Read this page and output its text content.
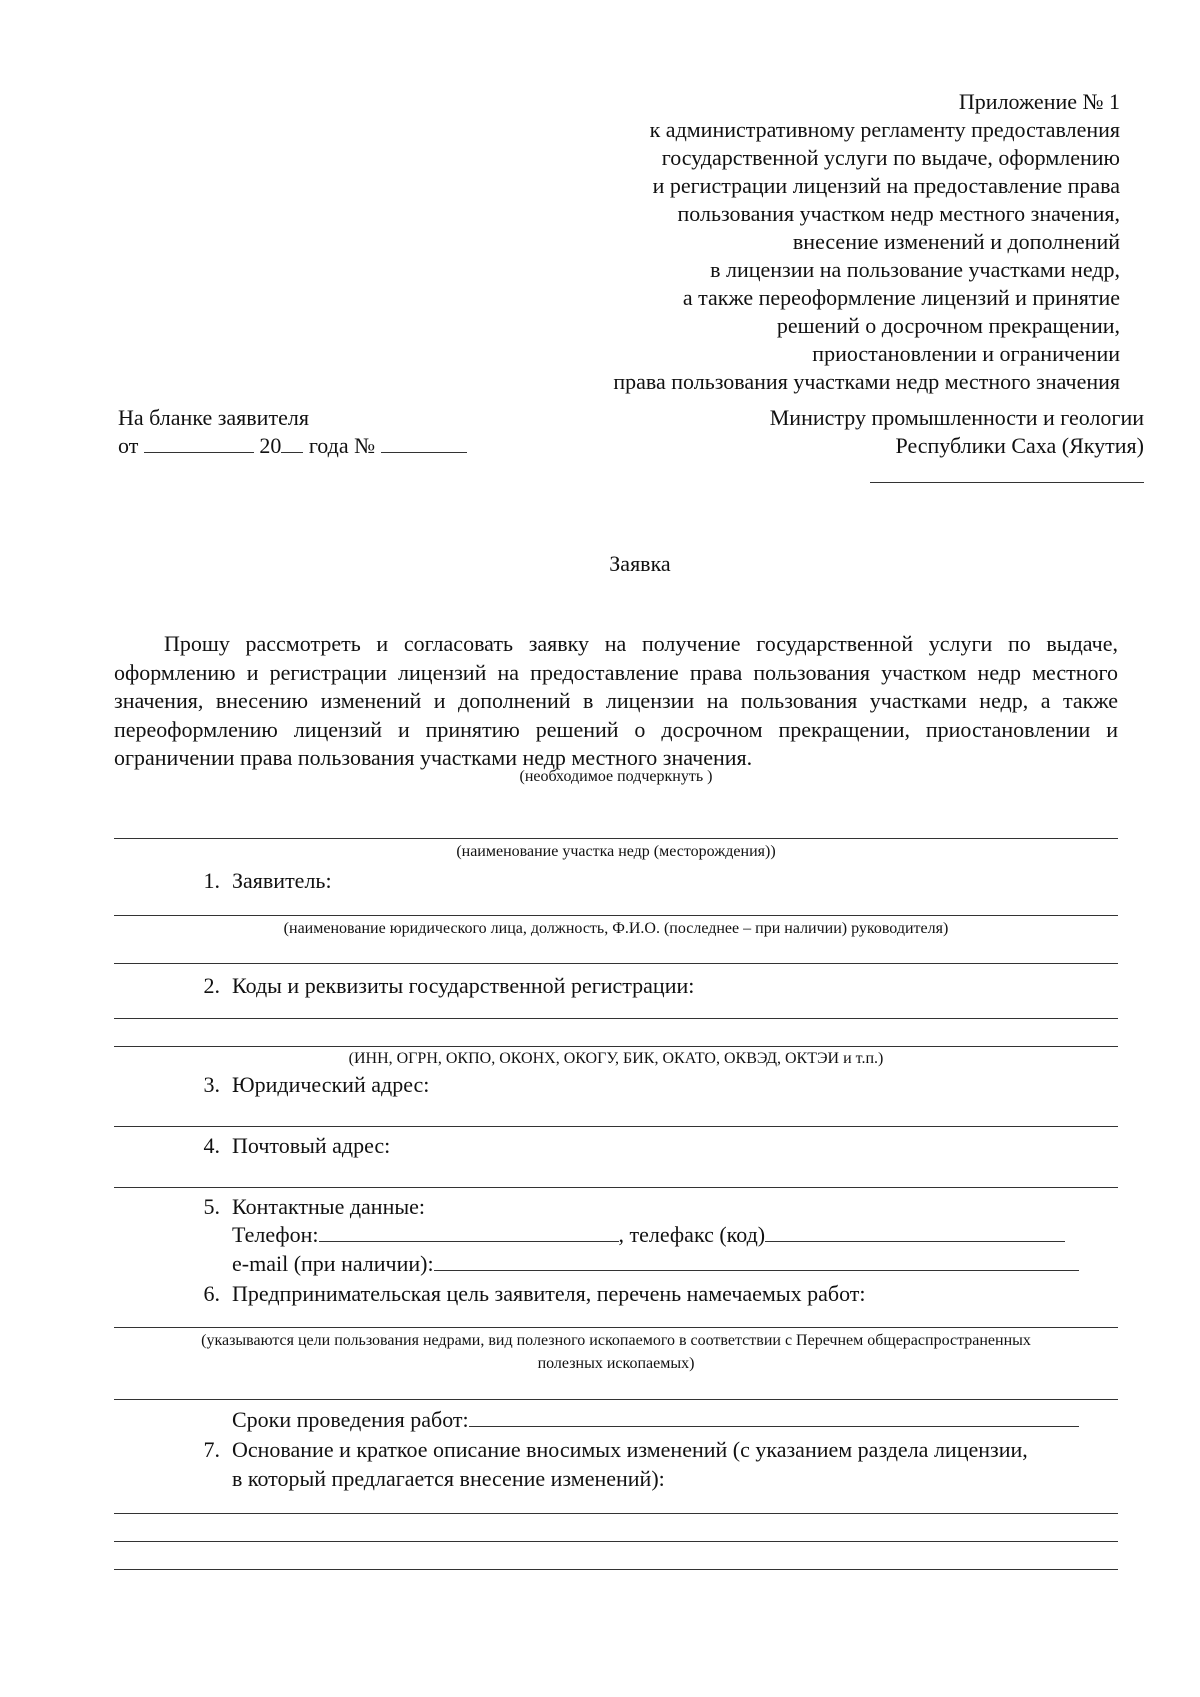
Приложение № 1
к административному регламенту предоставления
государственной услуги по выдаче, оформлению
и регистрации лицензий на предоставление права
пользования участком недр местного значения,
внесение изменений и дополнений
в лицензии на пользование участками недр,
а также переоформление лицензий и принятие
решений о досрочном прекращении,
приостановлении и ограничении
права пользования участками недр местного значения
На бланке заявителя
от	20 года №
Министру промышленности и геологии
Республики Саха (Якутия)
Заявка
Прошу рассмотреть и согласовать заявку на получение государственной услуги по выдаче, оформлению и регистрации лицензий на предоставление права пользования участком недр местного значения, внесению изменений и дополнений в лицензии на пользования участками недр, а также переоформлению лицензий и принятию решений о досрочном прекращении, приостановлении и ограничении права пользования участками недр местного значения.
(необходимое подчеркнуть )
(наименование участка недр (месторождения))
1. Заявитель:
(наименование юридического лица, должность, Ф.И.О. (последнее – при наличии) руководителя)
2. Коды и реквизиты государственной регистрации:
(ИНН, ОГРН, ОКПО, ОКОНХ, ОКОГУ, БИК, ОКАТО, ОКВЭД, ОКТЭИ и т.п.)
3. Юридический адрес:
4. Почтовый адрес:
5. Контактные данные:
Телефон:	, телефакс (код)
e-mail (при наличии):
6. Предпринимательская цель заявителя, перечень намечаемых работ:
(указываются цели пользования недрами, вид полезного ископаемого в соответствии с Перечнем общераспространенных
полезных ископаемых)
Сроки проведения работ:
7. Основание и краткое описание вносимых изменений (с указанием раздела лицензии,
в который предлагается внесение изменений):
